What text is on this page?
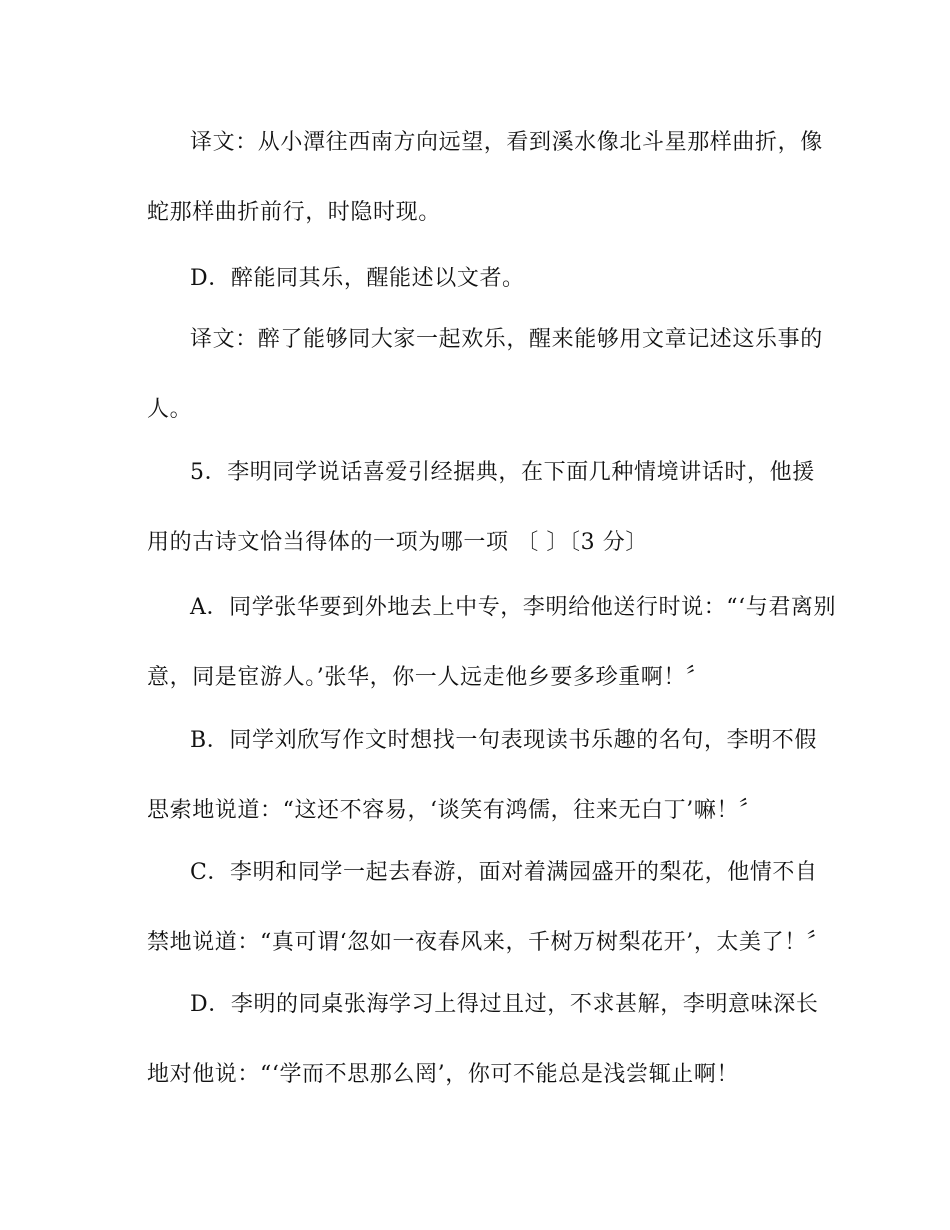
译文：从小潭往西南方向远望，看到溪水像北斗星那样曲折，像
蛇那样曲折前行，时隐时现。
D．醉能同其乐，醒能述以文者。
译文：醉了能够同大家一起欢乐，醒来能够用文章记述这乐事的
人。
5．李明同学说话喜爱引经据典，在下面几种情境讲话时，他援
用的古诗文恰当得体的一项为哪一项 〔 〕〔3 分〕
A．同学张华要到外地去上中专，李明给他送行时说：“‘与君离别
意，同是宦游人。’张华，你一人远走他乡要多珍重啊！〞
B．同学刘欣写作文时想找一句表现读书乐趣的名句，李明不假
思索地说道：“这还不容易，‘谈笑有鸿儒，往来无白丁’嘛！〞
C．李明和同学一起去春游，面对着满园盛开的梨花，他情不自
禁地说道：“真可谓‘忽如一夜春风来，千树万树梨花开’，太美了！〞
D．李明的同桌张海学习上得过且过，不求甚解，李明意味深长
地对他说：“‘学而不思那么罔’，你可不能总是浅尝辄止啊！
